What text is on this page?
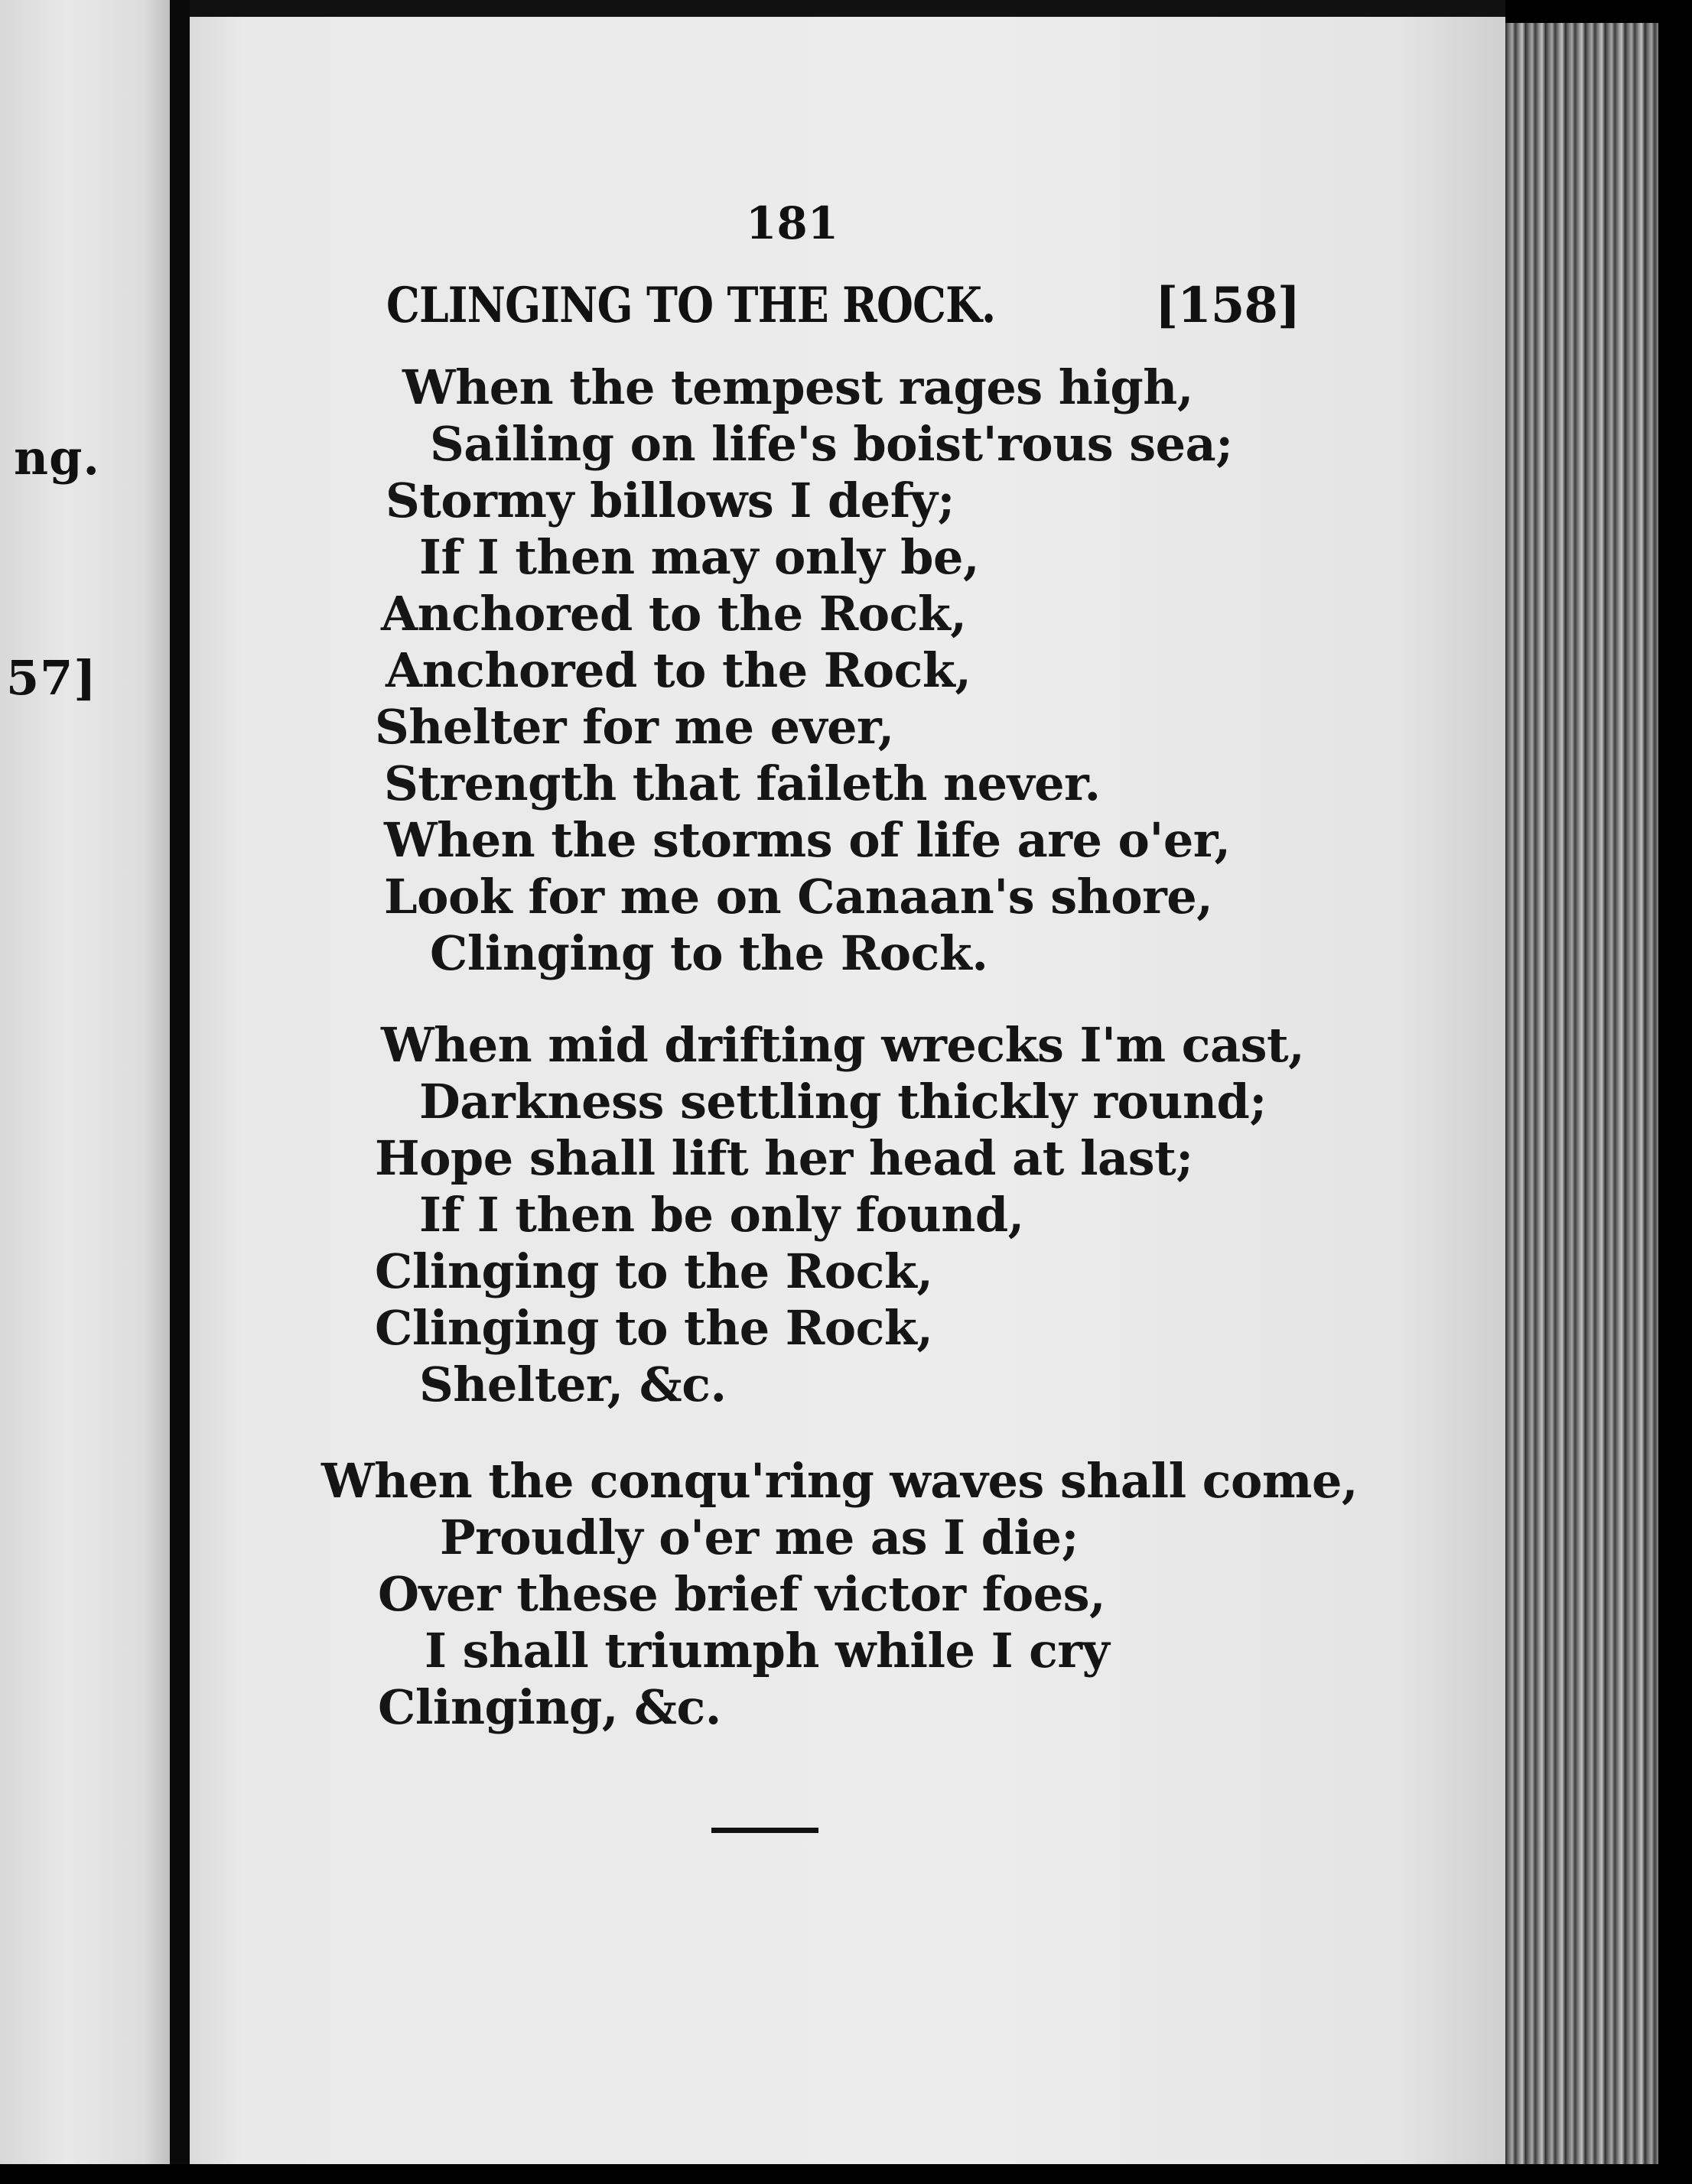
ng.
57]
181
CLINGING TO THE ROCK.	[158]
When the tempest rages high,
Sailing on life's boist'rous sea;
Stormy billows I defy;
If I then may only be,
Anchored to the Rock,
Anchored to the Rock,
Shelter for me ever,
Strength that faileth never.
When the storms of life are o'er,
Look for me on Canaan's shore,
Clinging to the Rock.
When mid drifting wrecks I'm cast,
Darkness settling thickly round;
Hope shall lift her head at last;
If I then be only found,
Clinging to the Rock,
Clinging to the Rock,
Shelter, &c.
When the conqu'ring waves shall come,
Proudly o'er me as I die;
Over these brief victor foes,
I shall triumph while I cry
Clinging, &c.
